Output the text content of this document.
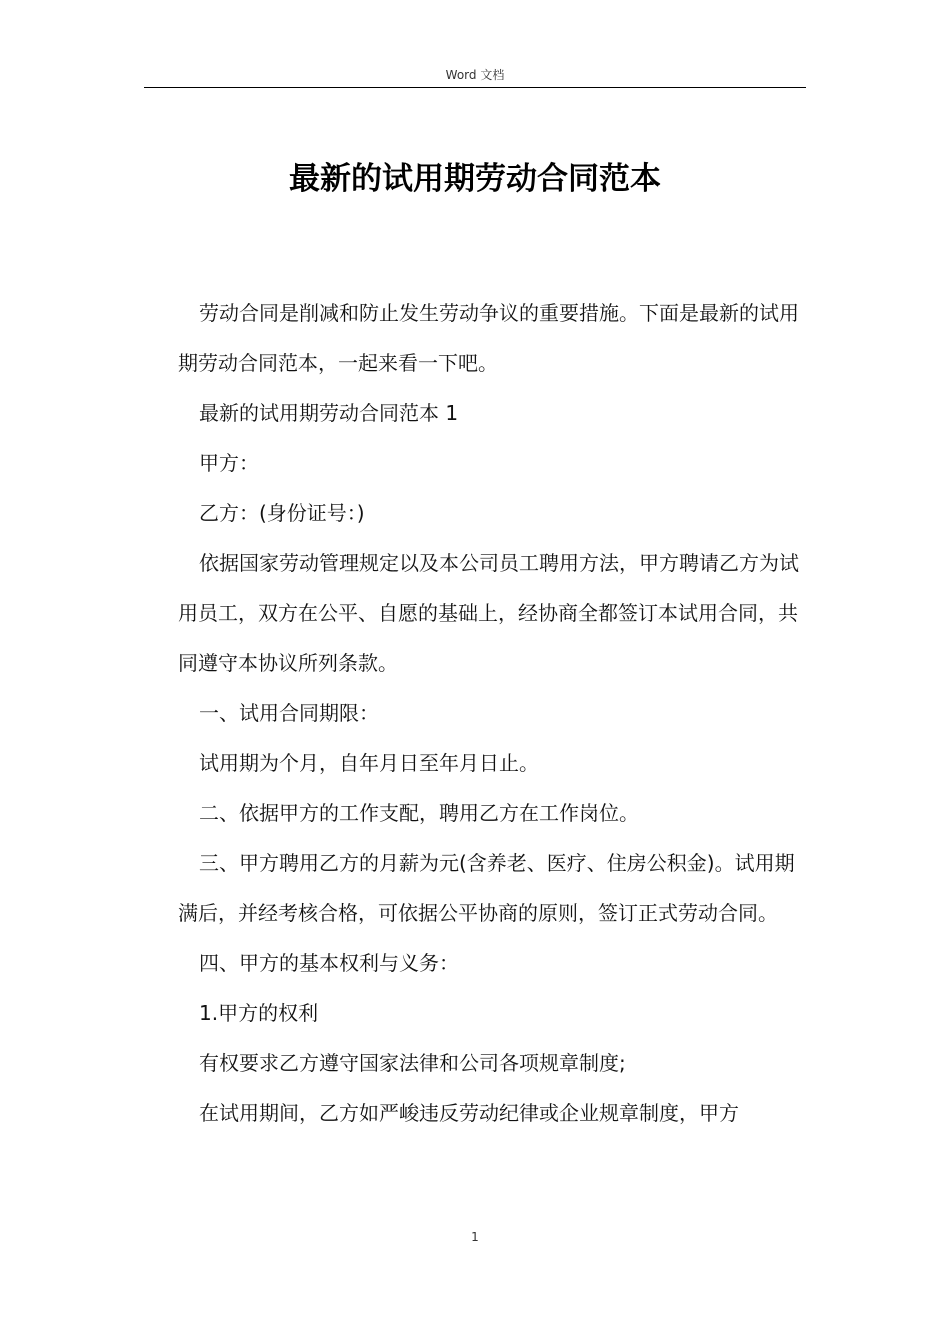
Word 文档
最新的试用期劳动合同范本

劳动合同是削减和防止发生劳动争议的重要措施。下面是最新的试用期劳动合同范本，一起来看一下吧。

最新的试用期劳动合同范本 1

甲方：

乙方：(身份证号：)

依据国家劳动管理规定以及本公司员工聘用方法，甲方聘请乙方为试用员工，双方在公平、自愿的基础上，经协商全都签订本试用合同，共同遵守本协议所列条款。

一、试用合同期限：

试用期为个月，自年月日至年月日止。

二、依据甲方的工作支配，聘用乙方在工作岗位。

三、甲方聘用乙方的月薪为元(含养老、医疗、住房公积金)。试用期满后，并经考核合格，可依据公平协商的原则，签订正式劳动合同。

四、甲方的基本权利与义务：

1.甲方的权利

有权要求乙方遵守国家法律和公司各项规章制度;

在试用期间，乙方如严峻违反劳动纪律或企业规章制度，甲方

1
